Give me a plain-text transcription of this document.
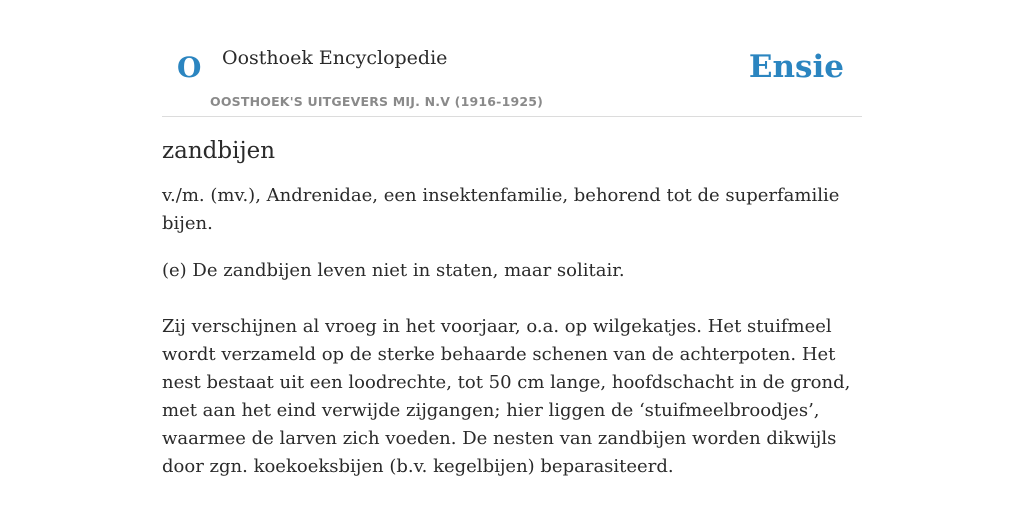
O Oosthoek Encyclopedie
OOSTHOEK'S UITGEVERS MIJ. N.V (1916-1925)
Ensie
zandbijen

v./m. (mv.), Andrenidae, een insektenfamilie, behorend tot de superfamilie bijen.

(e) De zandbijen leven niet in staten, maar solitair.

Zij verschijnen al vroeg in het voorjaar, o.a. op wilgekatjes. Het stuifmeel wordt verzameld op de sterke behaarde schenen van de achterpoten. Het nest bestaat uit een loodrechte, tot 50 cm lange, hoofdschacht in de grond, met aan het eind verwijde zijgangen; hier liggen de ‘stuifmeelbroodjes’, waarmee de larven zich voeden. De nesten van zandbijen worden dikwijls door zgn. koekoeksbijen (b.v. kegelbijen) beparasiteerd.
